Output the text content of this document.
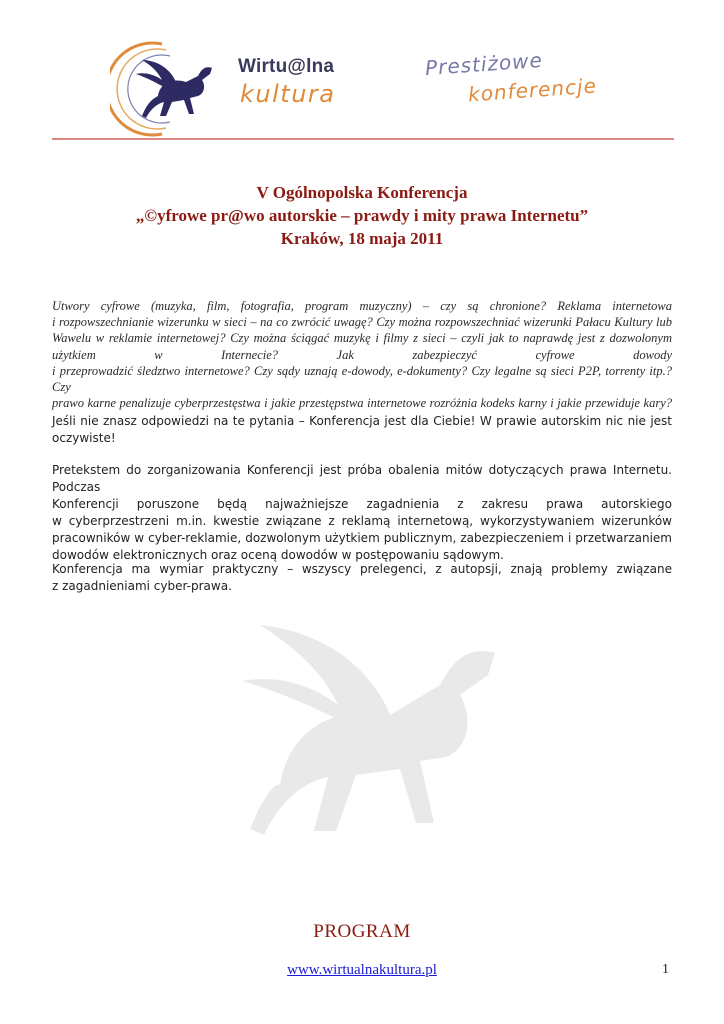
Wirtu@lna
kultura
Prestiżowe
konferencje
V Ogólnopolska Konferencja
„©yfrowe pr@wo autorskie – prawdy i mity prawa Internetu”
Kraków, 18 maja 2011
Utwory cyfrowe (muzyka, film, fotografia, program muzyczny) – czy są chronione? Reklama internetowa
i rozpowszechnianie wizerunku w sieci – na co zwrócić uwagę? Czy można rozpowszechniać wizerunki Pałacu Kultury lub
Wawelu w reklamie internetowej? Czy można ściągać muzykę i filmy z sieci – czyli jak to naprawdę jest z dozwolonym
użytkiem w Internecie? Jak zabezpieczyć cyfrowe dowody
i przeprowadzić śledztwo internetowe? Czy sądy uznają e-dowody, e-dokumenty? Czy legalne są sieci P2P, torrenty itp.? Czy
prawo karne penalizuje cyberprzestęstwa i jakie przestępstwa internetowe rozróżnia kodeks karny i jakie przewiduje kary?
Jeśli nie znasz odpowiedzi na te pytania – Konferencja jest dla Ciebie! W prawie autorskim nic nie jest
oczywiste!
Pretekstem do zorganizowania Konferencji jest próba obalenia mitów dotyczących prawa Internetu. Podczas
Konferencji poruszone będą najważniejsze zagadnienia z zakresu prawa autorskiego
w cyberprzestrzeni m.in. kwestie związane z reklamą internetową, wykorzystywaniem wizerunków
pracowników w cyber-reklamie, dozwolonym użytkiem publicznym, zabezpieczeniem i przetwarzaniem
dowodów elektronicznych oraz oceną dowodów w postępowaniu sądowym.
Konferencja ma wymiar praktyczny – wszyscy prelegenci, z autopsji, znają problemy związane
z zagadnieniami cyber-prawa.
PROGRAM
www.wirtualnakultura.pl	1
